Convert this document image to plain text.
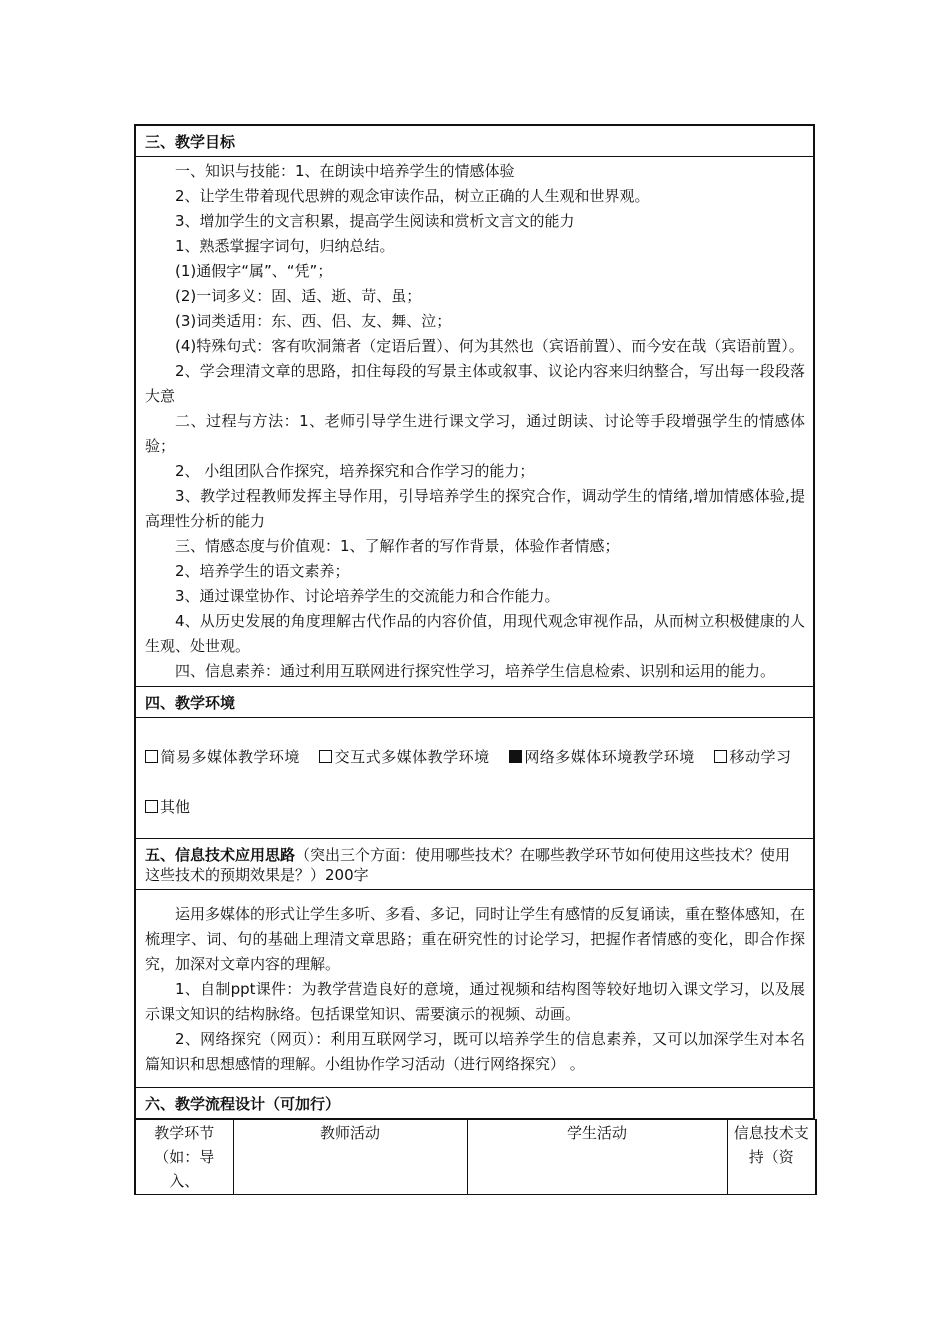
三、教学目标

一、知识与技能：1、在朗读中培养学生的情感体验

2、让学生带着现代思辨的观念审读作品，树立正确的人生观和世界观。

3、增加学生的文言积累，提高学生阅读和赏析文言文的能力

1、熟悉掌握字词句，归纳总结。

(1)通假字“属”、“凭”；

(2)一词多义：固、适、逝、苛、虽；

(3)词类适用：东、西、侣、友、舞、泣；

(4)特殊句式：客有吹洞箫者（定语后置）、何为其然也（宾语前置）、而今安在哉（宾语前置）。

2、学会理清文章的思路，扣住每段的写景主体或叙事、议论内容来归纳整合，写出每一段段落大意

二、过程与方法：1、老师引导学生进行课文学习，通过朗读、讨论等手段增强学生的情感体验；

2、 小组团队合作探究，培养探究和合作学习的能力；

3、教学过程教师发挥主导作用，引导培养学生的探究合作，调动学生的情绪,增加情感体验,提高理性分析的能力

三、情感态度与价值观：1、了解作者的写作背景，体验作者情感；

2、培养学生的语文素养；

3、通过课堂协作、讨论培养学生的交流能力和合作能力。

4、从历史发展的角度理解古代作品的内容价值，用现代观念审视作品，从而树立积极健康的人生观、处世观。

四、信息素养：通过利用互联网进行探究性学习，培养学生信息检索、识别和运用的能力。

四、教学环境
简易多媒体教学环境 交互式多媒体教学环境 网络多媒体环境教学环境 移动学习 其他
五、信息技术应用思路（突出三个方面：使用哪些技术？在哪些教学环节如何使用这些技术？使用这些技术的预期效果是？）200字

运用多媒体的形式让学生多听、多看、多记，同时让学生有感情的反复诵读，重在整体感知，在梳理字、词、句的基础上理清文章思路；重在研究性的讨论学习，把握作者情感的变化，即合作探究，加深对文章内容的理解。

1、自制ppt课件：为教学营造良好的意境，通过视频和结构图等较好地切入课文学习，以及展示课文知识的结构脉络。包括课堂知识、需要演示的视频、动画。

2、网络探究（网页）：利用互联网学习，既可以培养学生的信息素养，又可以加深学生对本名篇知识和思想感情的理解。小组协作学习活动（进行网络探究） 。

六、教学流程设计（可加行）
教学环节（如：导入、	教师活动	学生活动	信息技术支持（资
